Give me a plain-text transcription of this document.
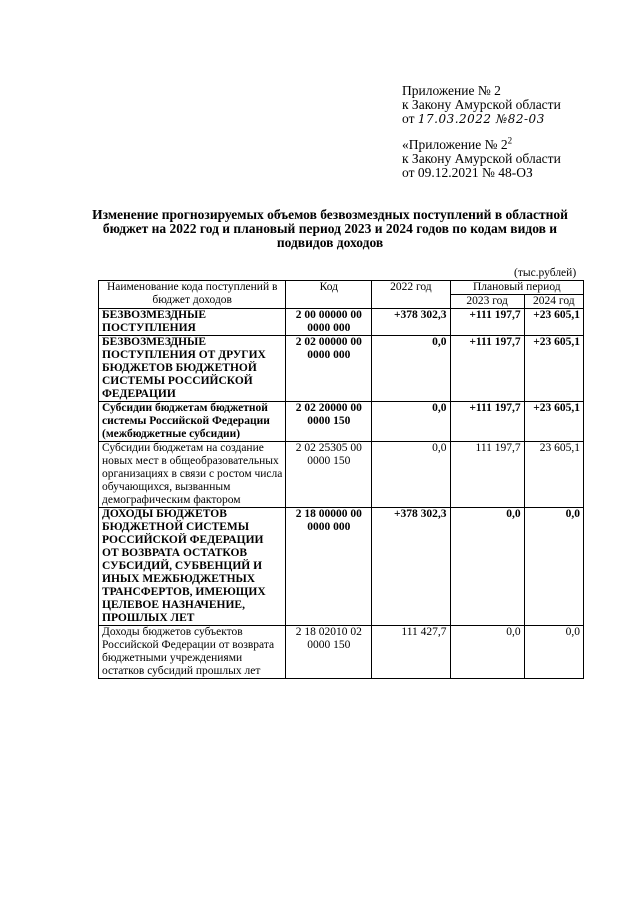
Приложение № 2
к Закону Амурской области
от 17.03.2022 №82-03
«Приложение № $2^2$
к Закону Амурской области
от 09.12.2021 № 48-ОЗ
Изменение прогнозируемых объемов безвозмездных поступлений в областной бюджет на 2022 год и плановый период 2023 и 2024 годов по кодам видов и подвидов доходов
(тыс.рублей)
Наименование кода поступлений в бюджет доходов	Код	2022 год	Плановый период	
			2023 год	2024 год
БЕЗВОЗМЕЗДНЫЕ ПОСТУПЛЕНИЯ	2 00 00000 00 0000 000	+378 302,3	+111 197,7	+23 605,1
БЕЗВОЗМЕЗДНЫЕ ПОСТУПЛЕНИЯ ОТ ДРУГИХ БЮДЖЕТОВ БЮДЖЕТНОЙ СИСТЕМЫ РОССИЙСКОЙ ФЕДЕРАЦИИ	2 02 00000 00 0000 000	0,0	+111 197,7	+23 605,1
Субсидии бюджетам бюджетной системы Российской Федерации (межбюджетные субсидии)	2 02 20000 00 0000 150	0,0	+111 197,7	+23 605,1
Субсидии бюджетам на создание новых мест в общеобразовательных организациях в связи с ростом числа обучающихся, вызванным демографическим фактором	2 02 25305 00 0000 150	0,0	111 197,7	23 605,1
ДОХОДЫ БЮДЖЕТОВ БЮДЖЕТНОЙ СИСТЕМЫ РОССИЙСКОЙ ФЕДЕРАЦИИ ОТ ВОЗВРАТА ОСТАТКОВ СУБСИДИЙ, СУБВЕНЦИЙ И ИНЫХ МЕЖБЮДЖЕТНЫХ ТРАНСФЕРТОВ, ИМЕЮЩИХ ЦЕЛЕВОЕ НАЗНАЧЕНИЕ, ПРОШЛЫХ ЛЕТ	2 18 00000 00 0000 000	+378 302,3	0,0	0,0
Доходы бюджетов субъектов Российской Федерации от возврата бюджетными учреждениями остатков субсидий прошлых лет	2 18 02010 02 0000 150	111 427,7	0,0	0,0
